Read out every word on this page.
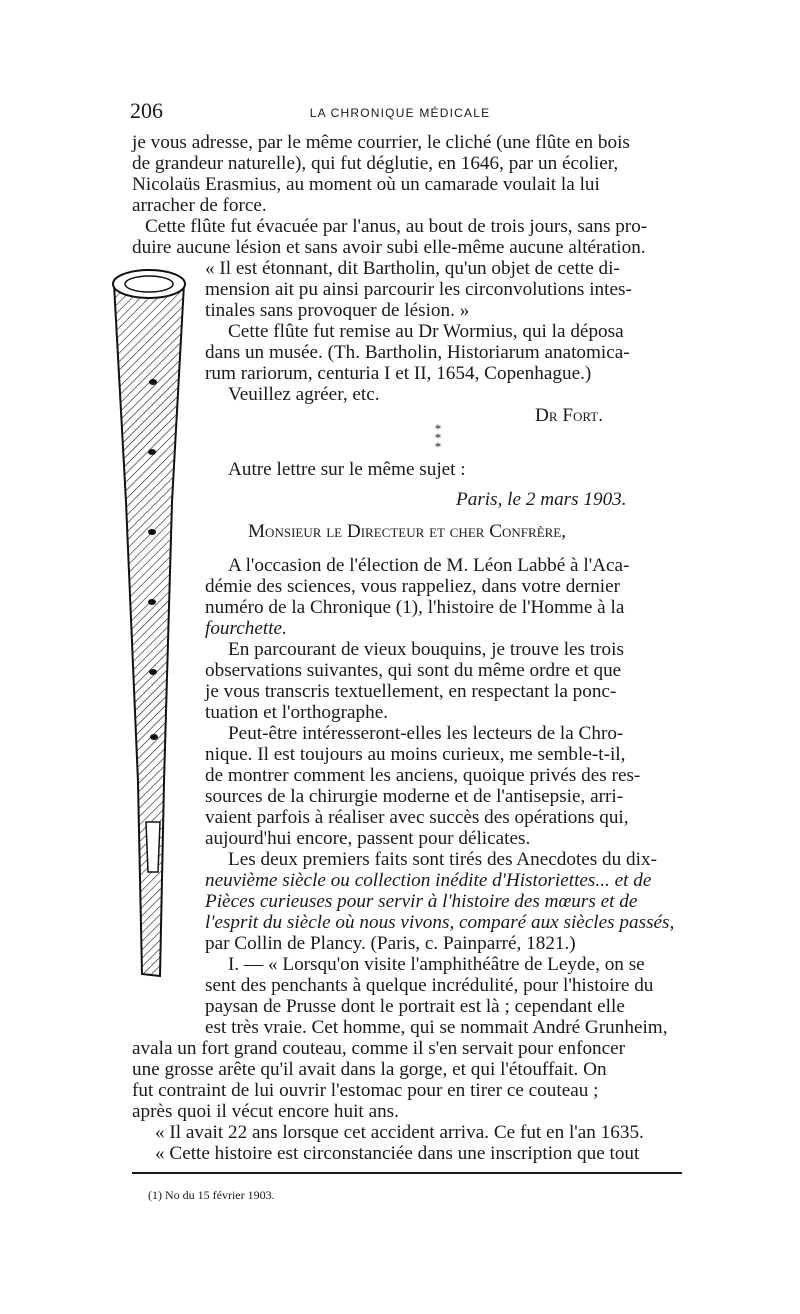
206	LA CHRONIQUE MÉDICALE
je vous adresse, par le même courrier, le cliché (une flûte en bois
de grandeur naturelle), qui fut déglutie, en 1646, par un écolier,
Nicolaüs Erasmius, au moment où un camarade voulait la lui
arracher de force.
Cette flûte fut évacuée par l'anus, au bout de trois jours, sans pro-
duire aucune lésion et sans avoir subi elle-même aucune altération.
« Il est étonnant, dit Bartholin, qu'un objet de cette di-
mension ait pu ainsi parcourir les circonvolutions intes-
tinales sans provoquer de lésion. »
Cette flûte fut remise au Dr Wormius, qui la déposa
dans un musée. (Th. Bartholin, Historiarum anatomica-
rum rariorum, centuria I et II, 1654, Copenhague.)
Veuillez agréer, etc.
Dr Fort.
* * *
Autre lettre sur le même sujet :
Paris, le 2 mars 1903.
Monsieur le Directeur et cher Confrère,
A l'occasion de l'élection de M. Léon Labbé à l'Aca-
démie des sciences, vous rappeliez, dans votre dernier
numéro de la Chronique (1), l'histoire de l'Homme à la
fourchette.
En parcourant de vieux bouquins, je trouve les trois
observations suivantes, qui sont du même ordre et que
je vous transcris textuellement, en respectant la ponc-
tuation et l'orthographe.
Peut-être intéresseront-elles les lecteurs de la Chro-
nique. Il est toujours au moins curieux, me semble-t-il,
de montrer comment les anciens, quoique privés des res-
sources de la chirurgie moderne et de l'antisepsie, arri-
vaient parfois à réaliser avec succès des opérations qui,
aujourd'hui encore, passent pour délicates.
Les deux premiers faits sont tirés des Anecdotes du dix-
neuvième siècle ou collection inédite d'Historiettes... et de
Pièces curieuses pour servir à l'histoire des mœurs et de
l'esprit du siècle où nous vivons, comparé aux siècles passés,
par Collin de Plancy. (Paris, c. Painparré, 1821.)
I. — « Lorsqu'on visite l'amphithéâtre de Leyde, on se
sent des penchants à quelque incrédulité, pour l'histoire du
paysan de Prusse dont le portrait est là ; cependant elle
est très vraie. Cet homme, qui se nommait André Grunheim,
avala un fort grand couteau, comme il s'en servait pour enfoncer
une grosse arête qu'il avait dans la gorge, et qui l'étouffait. On
fut contraint de lui ouvrir l'estomac pour en tirer ce couteau ;
après quoi il vécut encore huit ans.
« Il avait 22 ans lorsque cet accident arriva. Ce fut en l'an 1635.
« Cette histoire est circonstanciée dans une inscription que tout
(1) No du 15 février 1903.
